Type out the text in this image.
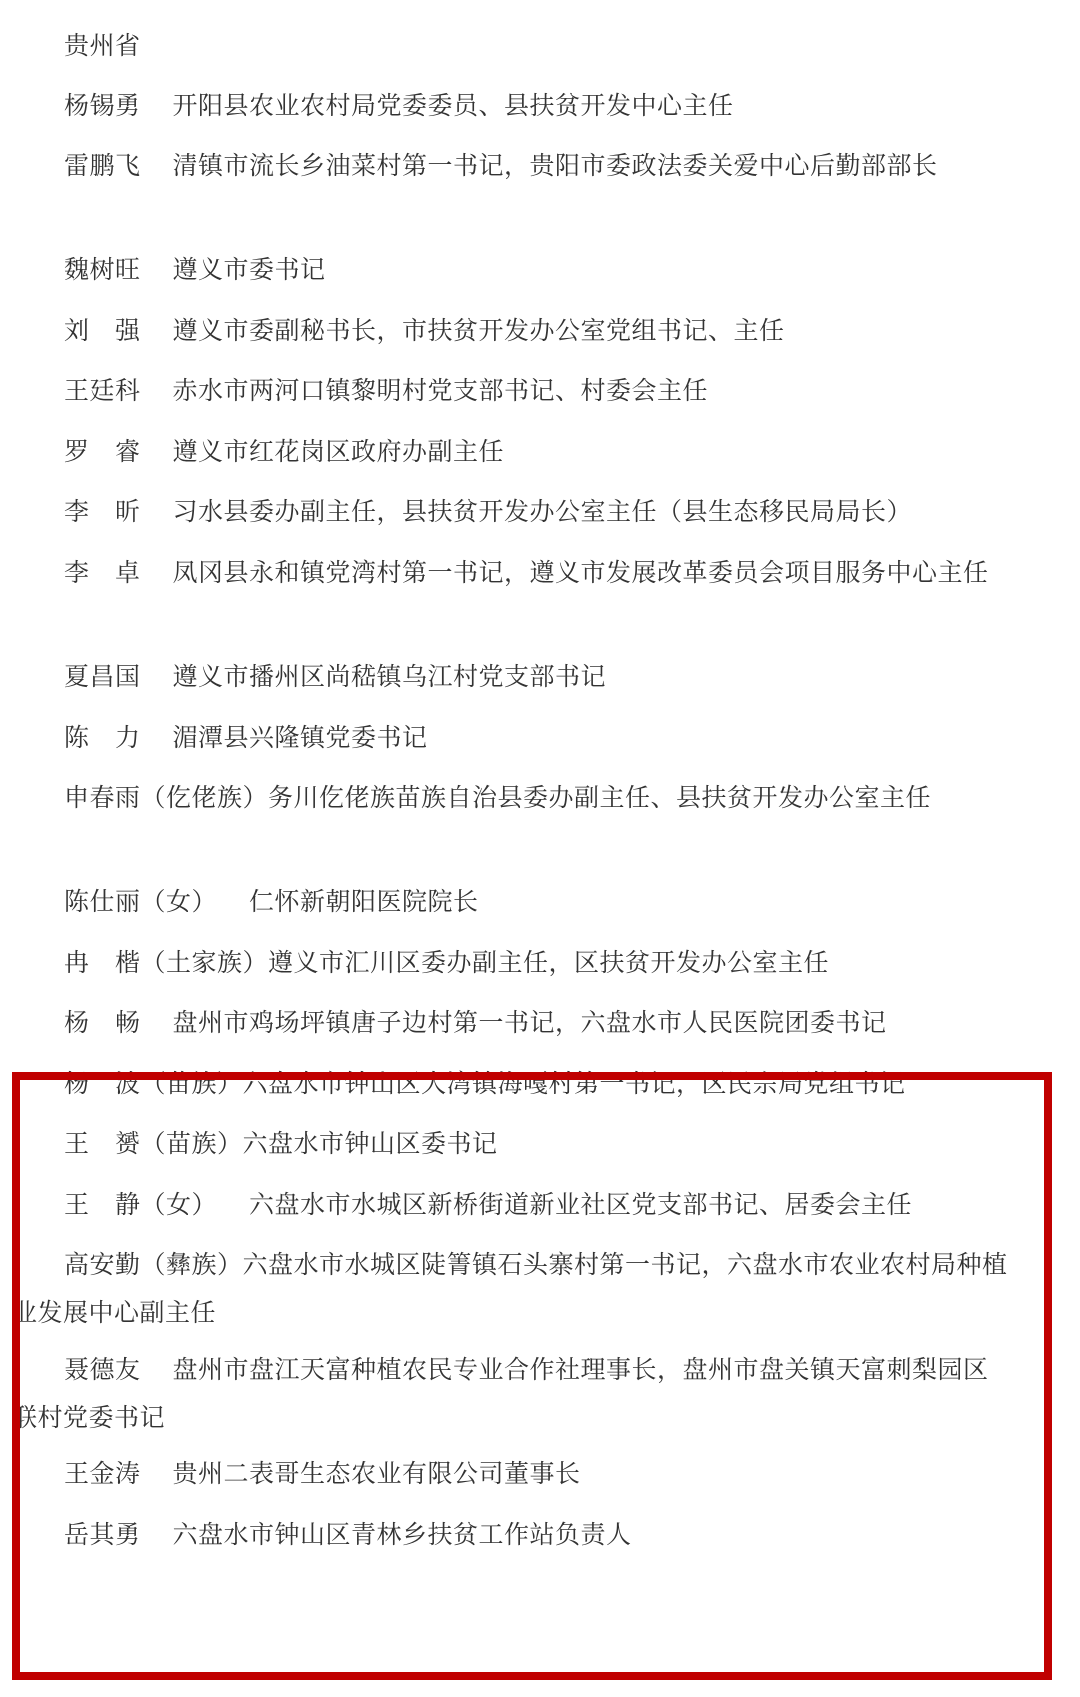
贵州省
杨锡勇 开阳县农业农村局党委委员、县扶贫开发中心主任
雷鹏飞 清镇市流长乡油菜村第一书记，贵阳市委政法委关爱中心后勤部部长
魏树旺 遵义市委书记
刘　强 遵义市委副秘书长，市扶贫开发办公室党组书记、主任
王廷科 赤水市两河口镇黎明村党支部书记、村委会主任
罗　睿 遵义市红花岗区政府办副主任
李　昕 习水县委办副主任，县扶贫开发办公室主任（县生态移民局局长）
李　卓 凤冈县永和镇党湾村第一书记，遵义市发展改革委员会项目服务中心主任
夏昌国 遵义市播州区尚嵇镇乌江村党支部书记
陈　力 湄潭县兴隆镇党委书记
申春雨（仡佬族）务川仡佬族苗族自治县委办副主任、县扶贫开发办公室主任
陈仕丽（女） 仁怀新朝阳医院院长
冉　楷（土家族）遵义市汇川区委办副主任，区扶贫开发办公室主任
杨　畅 盘州市鸡场坪镇唐子边村第一书记，六盘水市人民医院团委书记
杨　波（苗族）六盘水市钟山区大湾镇海嘎村第一书记，区民宗局党组书记
王　赟（苗族）六盘水市钟山区委书记
王　静（女） 六盘水市水城区新桥街道新业社区党支部书记、居委会主任
高安勤（彝族）六盘水市水城区陡箐镇石头寨村第一书记，六盘水市农业农村局种植业发展中心副主任
聂德友 盘州市盘江天富种植农民专业合作社理事长，盘州市盘关镇天富刺梨园区联村党委书记
王金涛 贵州二表哥生态农业有限公司董事长
岳其勇 六盘水市钟山区青林乡扶贫工作站负责人
